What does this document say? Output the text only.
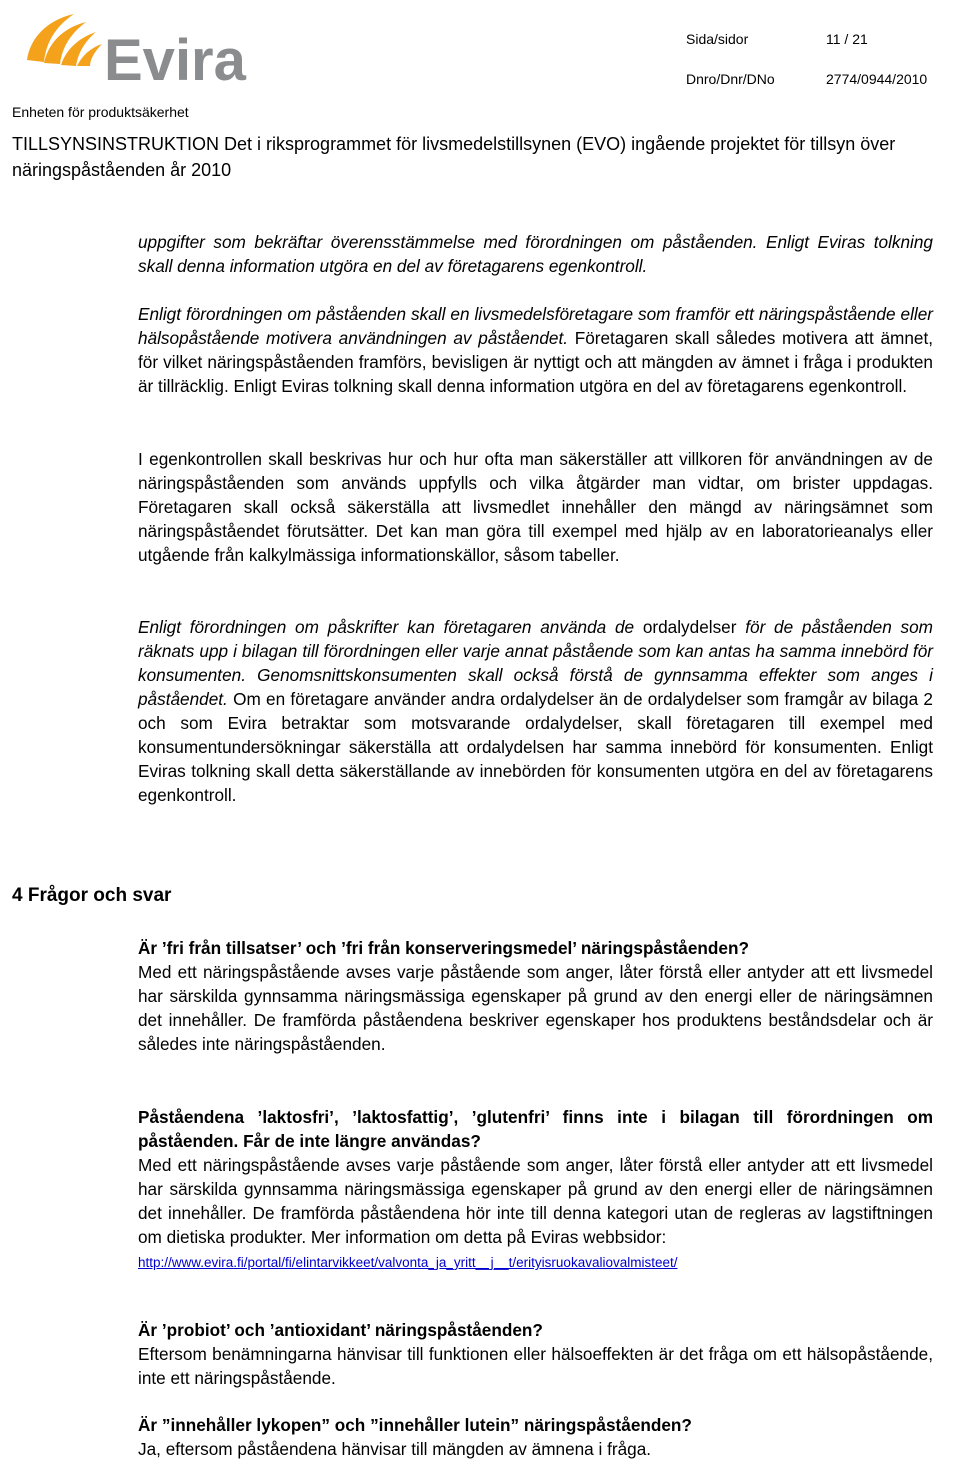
Evira	Sida/sidor	11 / 21
Dnro/Dnr/DNo	2774/0944/2010
Enheten för produktsäkerhet
TILLSYNSINSTRUKTION Det i riksprogrammet för livsmedelstillsynen (EVO) ingående projektet för tillsyn över näringspåståenden år 2010

uppgifter som bekräftar överensstämmelse med förordningen om påståenden. Enligt Eviras tolkning skall denna information utgöra en del av företagarens egenkontroll.

Enligt förordningen om påståenden skall en livsmedelsföretagare som framför ett näringspåstående eller hälsopåstående motivera användningen av påståendet. Företagaren skall således motivera att ämnet, för vilket näringspåståenden framförs, bevisligen är nyttigt och att mängden av ämnet i fråga i produkten är tillräcklig. Enligt Eviras tolkning skall denna information utgöra en del av företagarens egenkontroll.

I egenkontrollen skall beskrivas hur och hur ofta man säkerställer att villkoren för användningen av de näringspåståenden som används uppfylls och vilka åtgärder man vidtar, om brister uppdagas. Företagaren skall också säkerställa att livsmedlet innehåller den mängd av näringsämnet som näringspåståendet förutsätter. Det kan man göra till exempel med hjälp av en laboratorieanalys eller utgående från kalkylmässiga informationskällor, såsom tabeller.

Enligt förordningen om påskrifter kan företagaren använda de ordalydelser för de påståenden som räknats upp i bilagan till förordningen eller varje annat påstående som kan antas ha samma innebörd för konsumenten. Genomsnittskonsumenten skall också förstå de gynnsamma effekter som anges i påståendet. Om en företagare använder andra ordalydelser än de ordalydelser som framgår av bilaga 2 och som Evira betraktar som motsvarande ordalydelser, skall företagaren till exempel med konsumentundersökningar säkerställa att ordalydelsen har samma innebörd för konsumenten. Enligt Eviras tolkning skall detta säkerställande av innebörden för konsumenten utgöra en del av företagarens egenkontroll.

4 Frågor och svar

Är ’fri från tillsatser’ och ’fri från konserveringsmedel’ näringspåståenden?
Med ett näringspåstående avses varje påstående som anger, låter förstå eller antyder att ett livsmedel har särskilda gynnsamma näringsmässiga egenskaper på grund av den energi eller de näringsämnen det innehåller. De framförda påståendena beskriver egenskaper hos produktens beståndsdelar och är således inte näringspåståenden.

Påståendena ’laktosfri’, ’laktosfattig’, ’glutenfri’ finns inte i bilagan till förordningen om påståenden. Får de inte längre användas?
Med ett näringspåstående avses varje påstående som anger, låter förstå eller antyder att ett livsmedel har särskilda gynnsamma näringsmässiga egenskaper på grund av den energi eller de näringsämnen det innehåller. De framförda påståendena hör inte till denna kategori utan de regleras av lagstiftningen om dietiska produkter. Mer information om detta på Eviras webbsidor:

http://www.evira.fi/portal/fi/elintarvikkeet/valvonta_ja_yritt__j__t/erityisruokavaliovalmisteet/

Är ’probiot’ och ’antioxidant’ näringspåståenden?
Eftersom benämningarna hänvisar till funktionen eller hälsoeffekten är det fråga om ett hälsopåstående, inte ett näringspåstående.

Är ”innehåller lykopen” och ”innehåller lutein” näringspåståenden?
Ja, eftersom påståendena hänvisar till mängden av ämnena i fråga.
